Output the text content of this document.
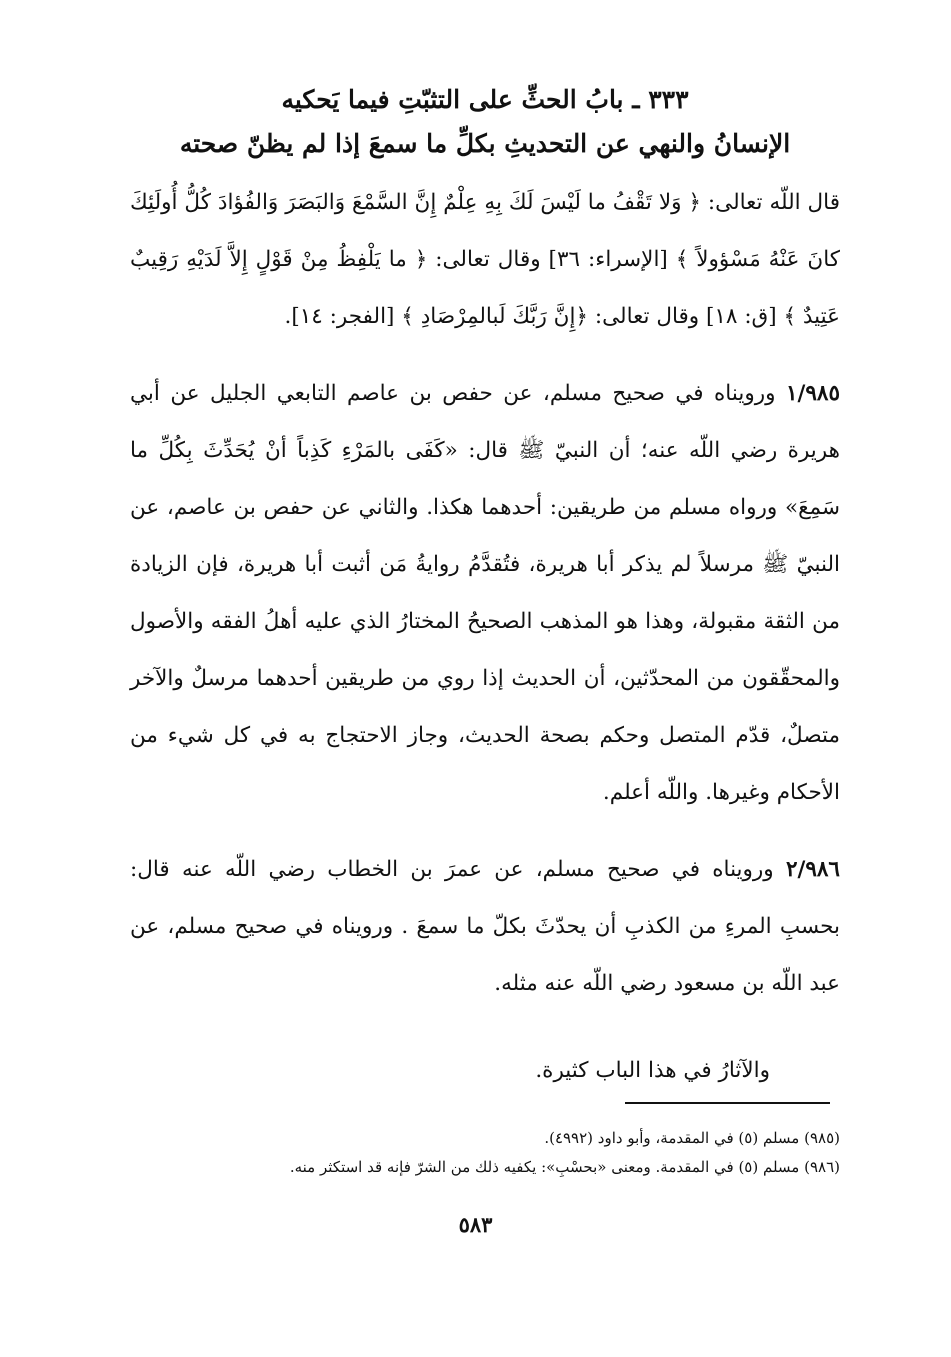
٣٣٣ ـ بابُ الحثِّ على التثبّتِ فيما يَحكيه
الإنسانُ والنهي عن التحديثِ بكلِّ ما سمعَ إذا لم يظنّ صحته

قال اللّه تعالى: ﴿ وَلا تَقْفُ ما لَيْسَ لَكَ بِهِ عِلْمٌ إِنَّ السَّمْعَ وَالبَصَرَ وَالفُؤادَ كُلُّ أُولَئِكَ كانَ عَنْهُ مَسْؤولاً ﴾ [الإسراء: ٣٦] وقال تعالى: ﴿ ما يَلْفِظُ مِنْ قَوْلٍ إِلاَّ لَدَيْهِ رَقِيبٌ عَتِيدٌ ﴾ [ق: ١٨] وقال تعالى: ﴿إِنَّ رَبَّكَ لَبالمِرْصَادِ ﴾ [الفجر: ١٤].

١/٩٨٥ ورويناه في صحيح مسلم، عن حفص بن عاصم التابعي الجليل عن أبي هريرة رضي اللّه عنه؛ أن النبيّ ﷺ قال: «كَفَى بالمَرْءِ كَذِباً أنْ يُحَدِّثَ بِكُلِّ ما سَمِعَ» ورواه مسلم من طريقين: أحدهما هكذا. والثاني عن حفص بن عاصم، عن النبيّ ﷺ مرسلاً لم يذكر أبا هريرة، فتُقدَّمُ روايةُ مَن أثبت أبا هريرة، فإن الزيادة من الثقة مقبولة، وهذا هو المذهب الصحيحُ المختارُ الذي عليه أهلُ الفقه والأصول والمحقّقون من المحدّثين، أن الحديث إذا روي من طريقين أحدهما مرسلٌ والآخر متصلٌ، قدّم المتصل وحكم بصحة الحديث، وجاز الاحتجاج به في كل شيء من الأحكام وغيرها. واللّه أعلم.

٢/٩٨٦ ورويناه في صحيح مسلم، عن عمرَ بن الخطاب رضي اللّه عنه قال: بحسبِ المرءِ من الكذبِ أن يحدّثَ بكلّ ما سمعَ . ورويناه في صحيح مسلم، عن عبد اللّه بن مسعود رضي اللّه عنه مثله.

والآثارُ في هذا الباب كثيرة.

(٩٨٥) مسلم (٥) في المقدمة، وأبو داود (٤٩٩٢).
(٩٨٦) مسلم (٥) في المقدمة. ومعنى «بحسْبِ»: يكفيه ذلك من الشرّ فإنه قد استكثر منه.
٥٨٣
